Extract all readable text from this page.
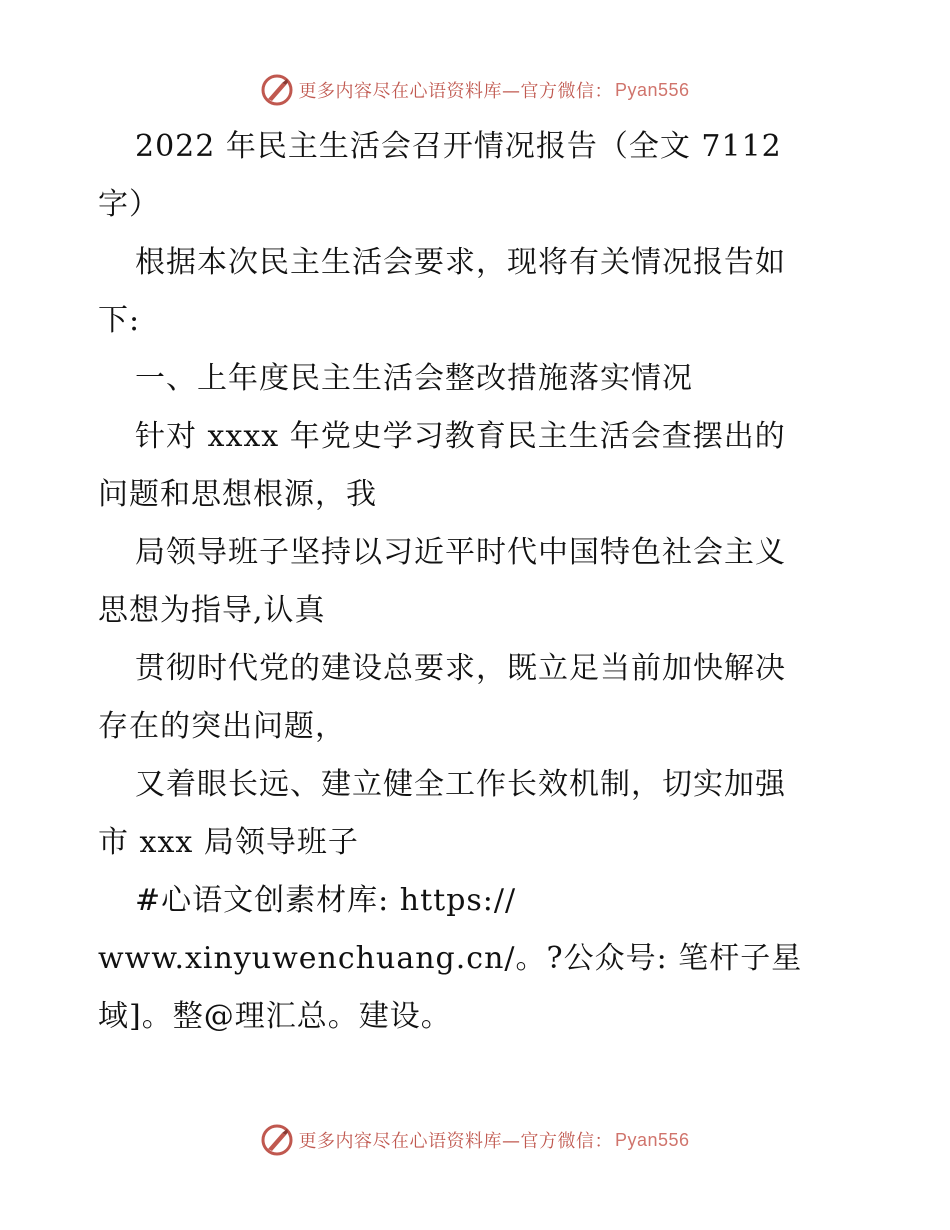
更多内容尽在心语资料库—官方微信： Pyan556
2022 年民主生活会召开情况报告（全文 7112
字）
根据本次民主生活会要求，现将有关情况报告如
下:
一、上年度民主生活会整改措施落实情况
针对 xxxx 年党史学习教育民主生活会查摆出的
问题和思想根源，我
局领导班子坚持以习近平时代中国特色社会主义
思想为指导,认真
贯彻时代党的建设总要求，既立足当前加快解决
存在的突出问题，
又着眼长远、建立健全工作长效机制，切实加强
市 xxx 局领导班子
#心语文创素材库: https://
www.xinyuwenchuang.cn/。?公众号: 笔杆子星
域]。整@理汇总。建设。
更多内容尽在心语资料库—官方微信： Pyan556
